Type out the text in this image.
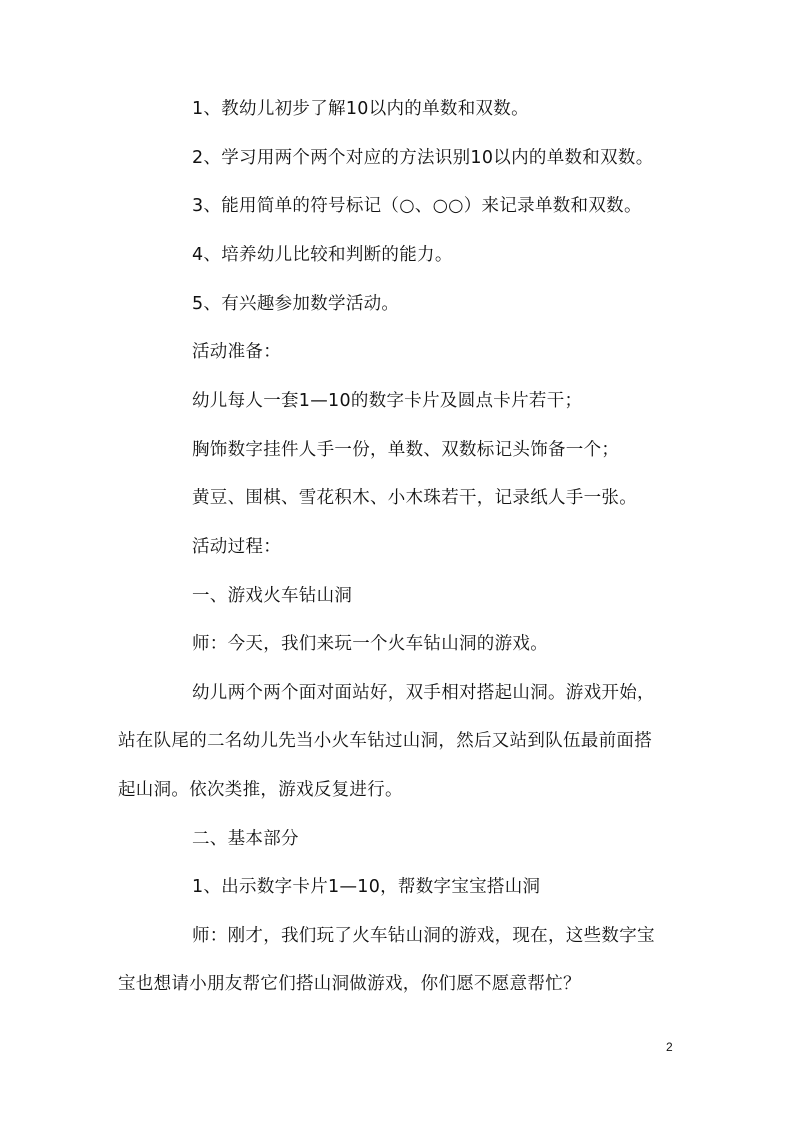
1、教幼儿初步了解10以内的单数和双数。
2、学习用两个两个对应的方法识别10以内的单数和双数。
3、能用简单的符号标记（○、○○）来记录单数和双数。
4、培养幼儿比较和判断的能力。
5、有兴趣参加数学活动。
活动准备：
幼儿每人一套1—10的数字卡片及圆点卡片若干；
胸饰数字挂件人手一份，单数、双数标记头饰备一个；
黄豆、围棋、雪花积木、小木珠若干，记录纸人手一张。
活动过程：
一、游戏火车钻山洞
师：今天，我们来玩一个火车钻山洞的游戏。
幼儿两个两个面对面站好，双手相对搭起山洞。游戏开始，
站在队尾的二名幼儿先当小火车钻过山洞，然后又站到队伍最前面搭
起山洞。依次类推，游戏反复进行。
二、基本部分
1、出示数字卡片1—10，帮数字宝宝搭山洞
师：刚才，我们玩了火车钻山洞的游戏，现在，这些数字宝
宝也想请小朋友帮它们搭山洞做游戏，你们愿不愿意帮忙？
2
